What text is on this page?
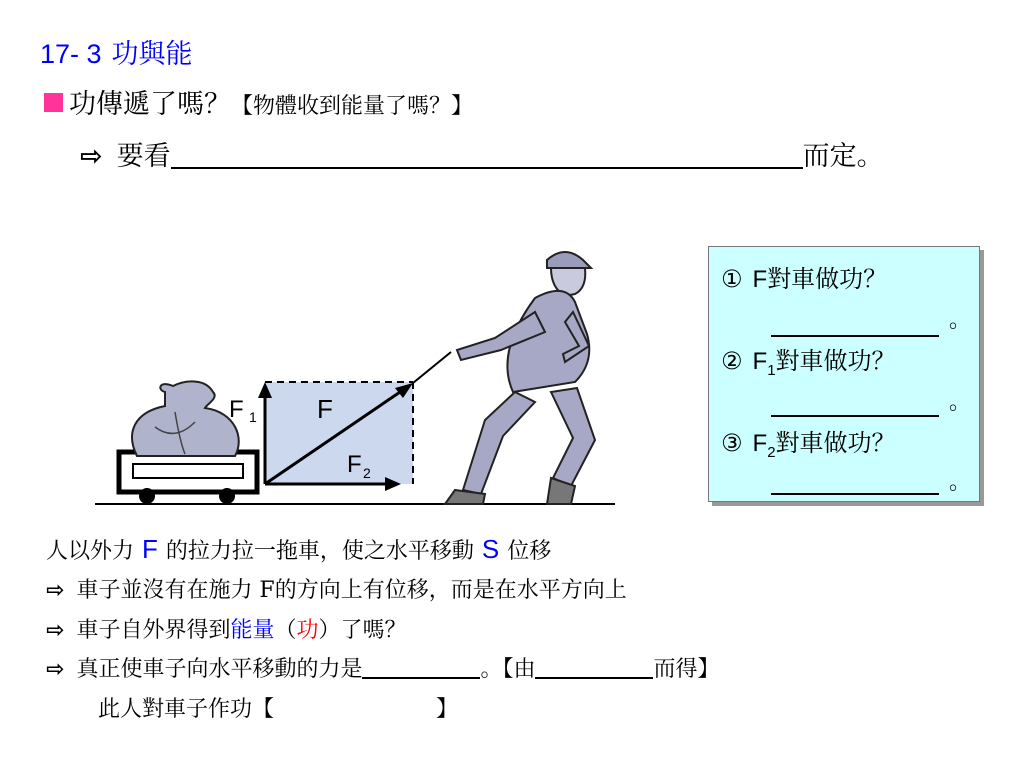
17- 3 功與能
功傳遞了嗎？【物體收到能量了嗎？】
⇨ 要看	而定。
F 1 F
F 2
① F對車做功？
。
② $F_1$對車做功？
。
③ $F_2$對車做功？
。
人以外力 F 的拉力拉一拖車，使之水平移動 S 位移
⇨ 車子並沒有在施力 F的方向上有位移，而是在水平方向上
⇨ 車子自外界得到能量（功）了嗎？
⇨ 真正使車子向水平移動的力是	。【由	而得】
此人對車子作功【	】
